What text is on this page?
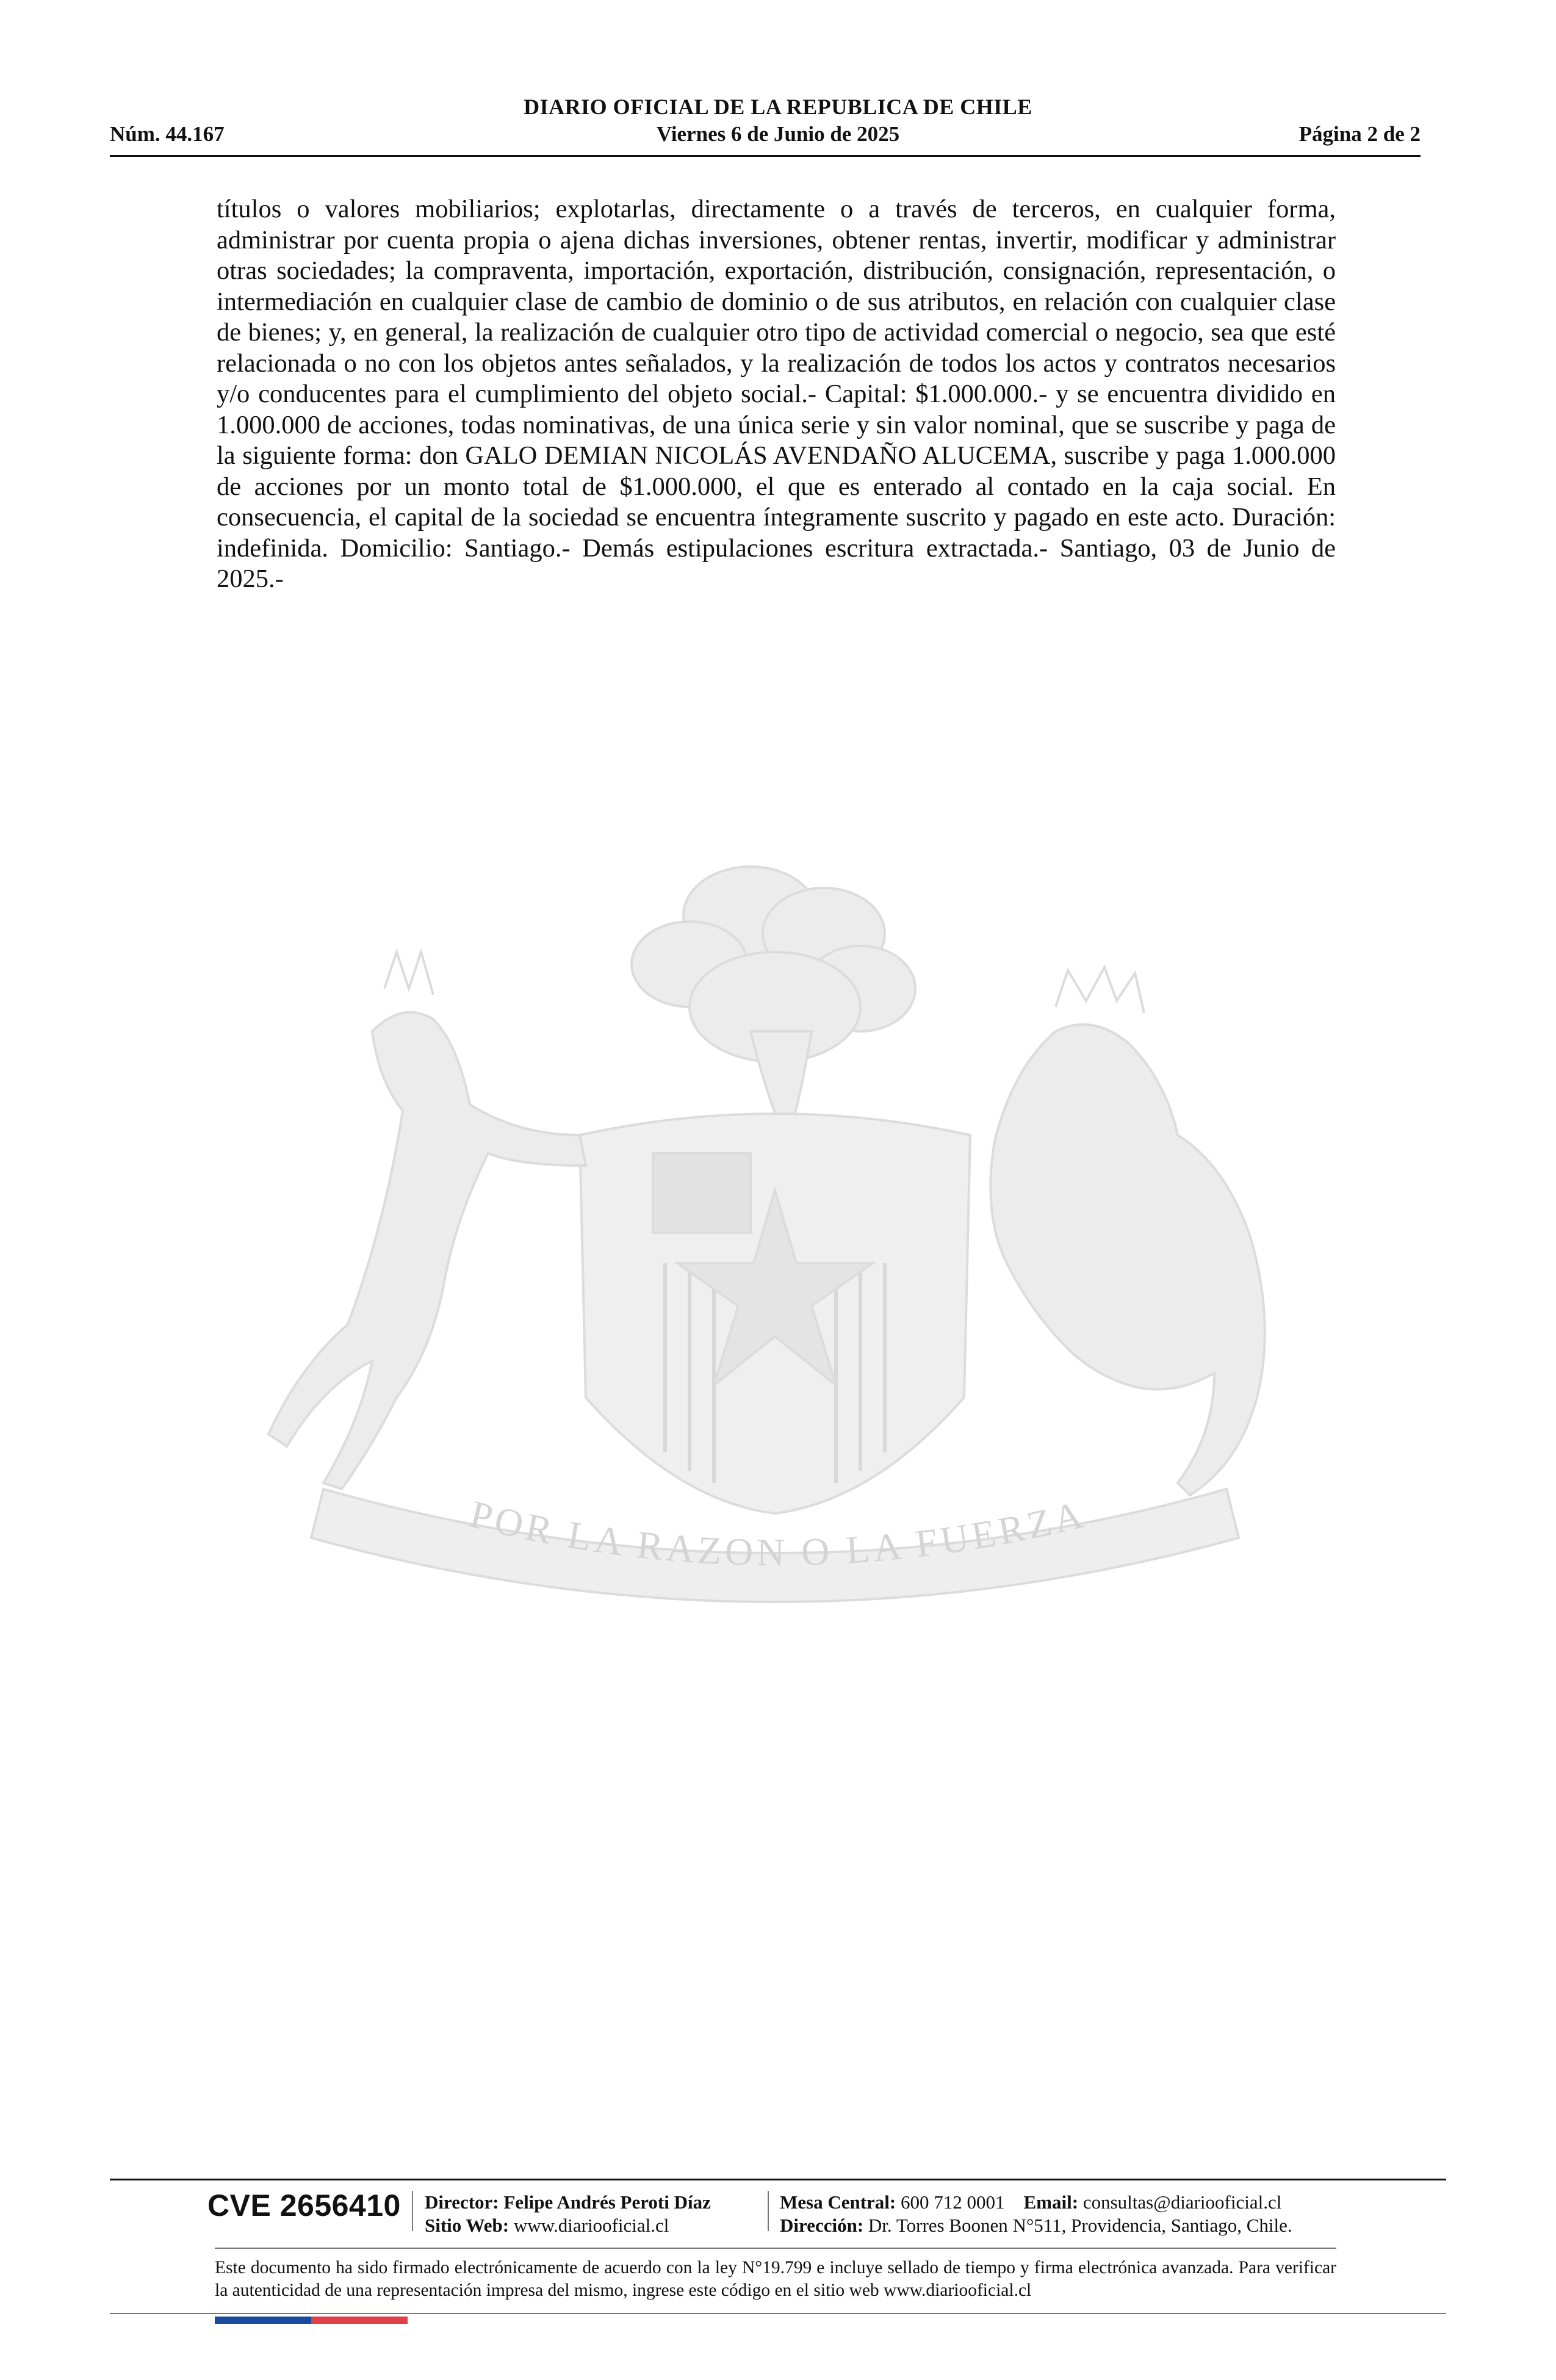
DIARIO OFICIAL DE LA REPUBLICA DE CHILE
Núm. 44.167	Viernes 6 de Junio de 2025	Página 2 de 2

títulos o valores mobiliarios; explotarlas, directamente o a través de terceros, en cualquier forma, administrar por cuenta propia o ajena dichas inversiones, obtener rentas, invertir, modificar y administrar otras sociedades; la compraventa, importación, exportación, distribución, consignación, representación, o intermediación en cualquier clase de cambio de dominio o de sus atributos, en relación con cualquier clase de bienes; y, en general, la realización de cualquier otro tipo de actividad comercial o negocio, sea que esté relacionada o no con los objetos antes señalados, y la realización de todos los actos y contratos necesarios y/o conducentes para el cumplimiento del objeto social.- Capital: $1.000.000.- y se encuentra dividido en 1.000.000 de acciones, todas nominativas, de una única serie y sin valor nominal, que se suscribe y paga de la siguiente forma: don GALO DEMIAN NICOLÁS AVENDAÑO ALUCEMA, suscribe y paga 1.000.000 de acciones por un monto total de $1.000.000, el que es enterado al contado en la caja social. En consecuencia, el capital de la sociedad se encuentra íntegramente suscrito y pagado en este acto. Duración: indefinida. Domicilio: Santiago.- Demás estipulaciones escritura extractada.- Santiago, 03 de Junio de 2025.-

POR LA RAZON O LA FUERZA
CVE 2656410 Director: Felipe Andrés Peroti Díaz
Sitio Web: www.diariooficial.cl
Mesa Central: 600 712 0001 Email: consultas@diariooficial.cl
Dirección: Dr. Torres Boonen N°511, Providencia, Santiago, Chile.
Este documento ha sido firmado electrónicamente de acuerdo con la ley N°19.799 e incluye sellado de tiempo y firma electrónica avanzada. Para verificar la autenticidad de una representación impresa del mismo, ingrese este código en el sitio web www.diariooficial.cl
